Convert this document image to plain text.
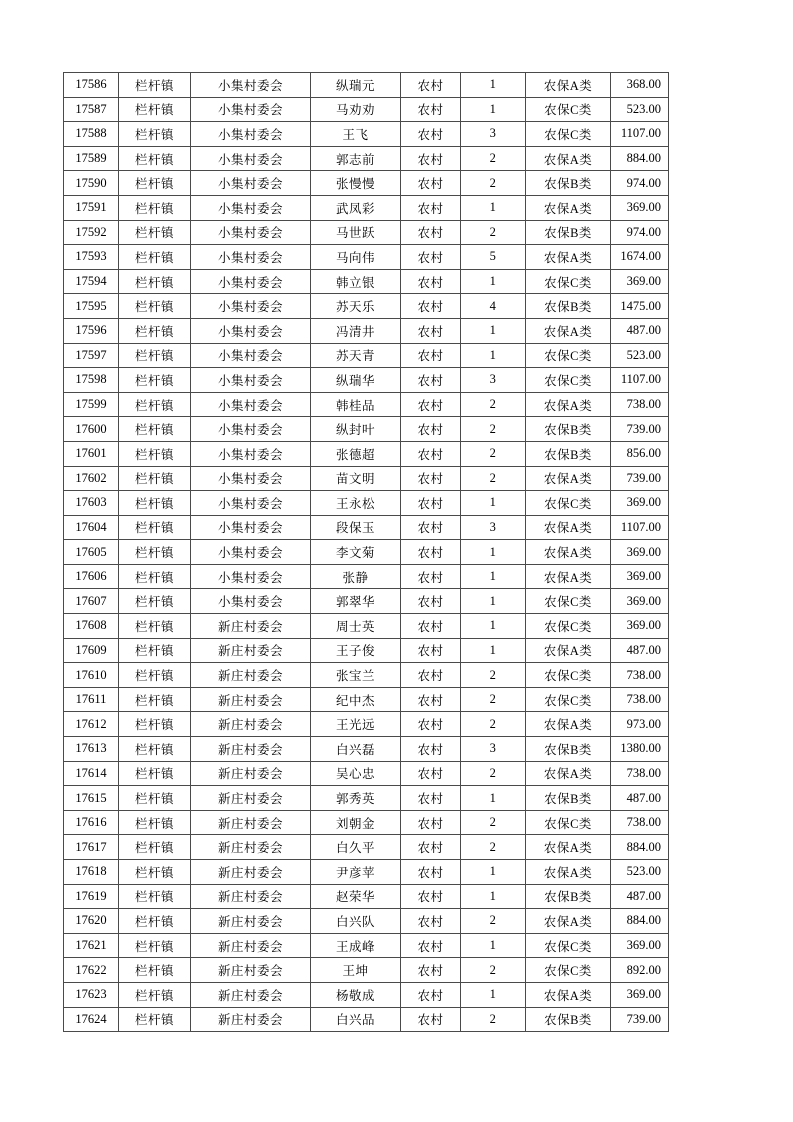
17586	栏杆镇	小集村委会	纵瑞元	农村	1	农保A类	368.00
17587	栏杆镇	小集村委会	马劝劝	农村	1	农保C类	523.00
17588	栏杆镇	小集村委会	王飞	农村	3	农保C类	1107.00
17589	栏杆镇	小集村委会	郭志前	农村	2	农保A类	884.00
17590	栏杆镇	小集村委会	张慢慢	农村	2	农保B类	974.00
17591	栏杆镇	小集村委会	武凤彩	农村	1	农保A类	369.00
17592	栏杆镇	小集村委会	马世跃	农村	2	农保B类	974.00
17593	栏杆镇	小集村委会	马向伟	农村	5	农保A类	1674.00
17594	栏杆镇	小集村委会	韩立银	农村	1	农保C类	369.00
17595	栏杆镇	小集村委会	苏天乐	农村	4	农保B类	1475.00
17596	栏杆镇	小集村委会	冯清井	农村	1	农保A类	487.00
17597	栏杆镇	小集村委会	苏天青	农村	1	农保C类	523.00
17598	栏杆镇	小集村委会	纵瑞华	农村	3	农保C类	1107.00
17599	栏杆镇	小集村委会	韩桂品	农村	2	农保A类	738.00
17600	栏杆镇	小集村委会	纵封叶	农村	2	农保B类	739.00
17601	栏杆镇	小集村委会	张德超	农村	2	农保B类	856.00
17602	栏杆镇	小集村委会	苗文明	农村	2	农保A类	739.00
17603	栏杆镇	小集村委会	王永松	农村	1	农保C类	369.00
17604	栏杆镇	小集村委会	段保玉	农村	3	农保A类	1107.00
17605	栏杆镇	小集村委会	李文菊	农村	1	农保A类	369.00
17606	栏杆镇	小集村委会	张静	农村	1	农保A类	369.00
17607	栏杆镇	小集村委会	郭翠华	农村	1	农保C类	369.00
17608	栏杆镇	新庄村委会	周士英	农村	1	农保C类	369.00
17609	栏杆镇	新庄村委会	王子俊	农村	1	农保A类	487.00
17610	栏杆镇	新庄村委会	张宝兰	农村	2	农保C类	738.00
17611	栏杆镇	新庄村委会	纪中杰	农村	2	农保C类	738.00
17612	栏杆镇	新庄村委会	王光远	农村	2	农保A类	973.00
17613	栏杆镇	新庄村委会	白兴磊	农村	3	农保B类	1380.00
17614	栏杆镇	新庄村委会	吴心忠	农村	2	农保A类	738.00
17615	栏杆镇	新庄村委会	郭秀英	农村	1	农保B类	487.00
17616	栏杆镇	新庄村委会	刘朝金	农村	2	农保C类	738.00
17617	栏杆镇	新庄村委会	白久平	农村	2	农保A类	884.00
17618	栏杆镇	新庄村委会	尹彦苹	农村	1	农保A类	523.00
17619	栏杆镇	新庄村委会	赵荣华	农村	1	农保B类	487.00
17620	栏杆镇	新庄村委会	白兴队	农村	2	农保A类	884.00
17621	栏杆镇	新庄村委会	王成峰	农村	1	农保C类	369.00
17622	栏杆镇	新庄村委会	王坤	农村	2	农保C类	892.00
17623	栏杆镇	新庄村委会	杨敬成	农村	1	农保A类	369.00
17624	栏杆镇	新庄村委会	白兴品	农村	2	农保B类	739.00
